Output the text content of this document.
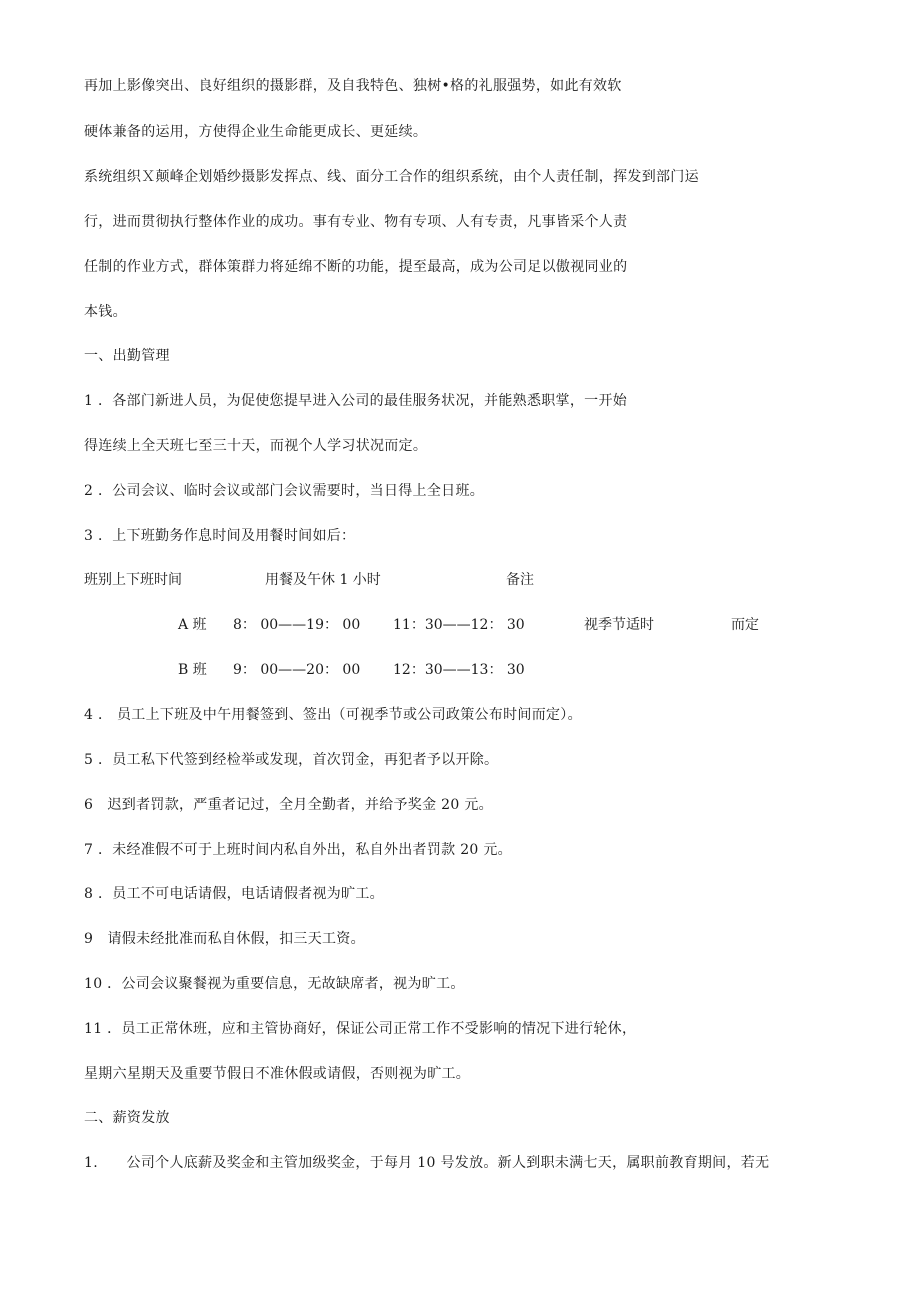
再加上影像突出、良好组织的摄影群，及自我特色、独树•格的礼服强势，如此有效软
硬体兼备的运用，方使得企业生命能更成长、更延续。
系统组织Ｘ颠峰企划婚纱摄影发挥点、线、面分工合作的组织系统，由个人责任制，挥发到部门运
行，进而贯彻执行整体作业的成功。事有专业、物有专项、人有专责，凡事皆采个人责
任制的作业方式，群体策群力将延绵不断的功能，提至最高，成为公司足以傲视同业的
本钱。
一、出勤管理
1 ．各部门新进人员，为促使您提早进入公司的最佳服务状况，并能熟悉职掌，一开始
得连续上全天班七至三十天，而视个人学习状况而定。
2 ．公司会议、临时会议或部门会议需要时，当日得上全日班。
3 ．上下班勤务作息时间及用餐时间如后：
班别上下班时间	用餐及午休 1 小时	备注
A 班 8： 00——19： 00 11：30——12： 30	视季节适时	而定
B 班 9： 00——20： 00 12：30——13： 30
4 ． 员工上下班及中午用餐签到、签出（可视季节或公司政策公布时间而定）。
5 ．员工私下代签到经检举或发现，首次罚金，再犯者予以开除。
6　迟到者罚款，严重者记过，全月全勤者，并给予奖金 20 元。
7 ．未经准假不可于上班时间内私自外出，私自外出者罚款 20 元。
8 ．员工不可电话请假，电话请假者视为旷工。
9　请假未经批准而私自休假，扣三天工资。
10 ．公司会议聚餐视为重要信息，无故缺席者，视为旷工。
11 ．员工正常休班，应和主管协商好，保证公司正常工作不受影响的情况下进行轮休，
星期六星期天及重要节假日不准休假或请假，否则视为旷工。
二、薪资发放
1.　　公司个人底薪及奖金和主管加级奖金，于每月 10 号发放。新人到职未满七天，属职前教育期间，若无
